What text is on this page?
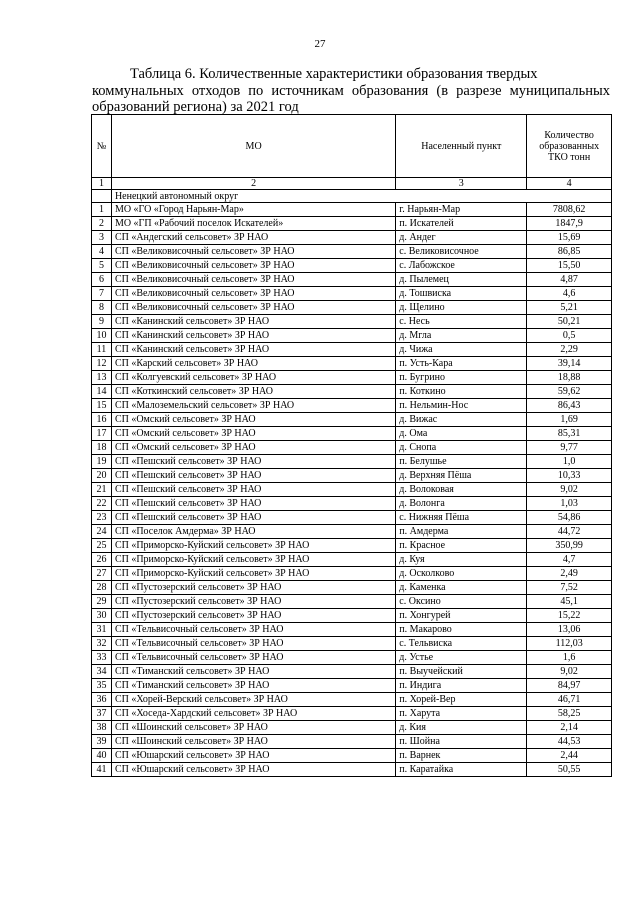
27
Таблица 6. Количественные характеристики образования твердых
коммунальных отходов по источникам образования (в разрезе муниципальных образований региона) за 2021 год
№	МО	Населенный пункт	Количество образованных ТКО тонн
1	2	3	4
	Ненецкий автономный округ		
1	МО «ГО «Город Нарьян-Мар»	г. Нарьян-Мар	7808,62
2	МО «ГП «Рабочий поселок Искателей»	п. Искателей	1847,9
3	СП «Андегский сельсовет» ЗР НАО	д. Андег	15,69
4	СП «Великовисочный сельсовет» ЗР НАО	с. Великовисочное	86,85
5	СП «Великовисочный сельсовет» ЗР НАО	с. Лабожское	15,50
6	СП «Великовисочный сельсовет» ЗР НАО	д. Пылемец	4,87
7	СП «Великовисочный сельсовет» ЗР НАО	д. Тошвиска	4,6
8	СП «Великовисочный сельсовет» ЗР НАО	д. Щелино	5,21
9	СП «Канинский сельсовет» ЗР НАО	с. Несь	50,21
10	СП «Канинский сельсовет» ЗР НАО	д. Мгла	0,5
11	СП «Канинский сельсовет» ЗР НАО	д. Чижа	2,29
12	СП «Карский сельсовет» ЗР НАО	п. Усть-Кара	39,14
13	СП «Колгуевский сельсовет» ЗР НАО	п. Бугрино	18,88
14	СП «Коткинский сельсовет» ЗР НАО	п. Коткино	59,62
15	СП «Малоземельский сельсовет» ЗР НАО	п. Нельмин-Нос	86,43
16	СП «Омский сельсовет» ЗР НАО	д. Вижас	1,69
17	СП «Омский сельсовет» ЗР НАО	д. Ома	85,31
18	СП «Омский сельсовет» ЗР НАО	д. Снопа	9,77
19	СП «Пешский сельсовет» ЗР НАО	п. Белушье	1,0
20	СП «Пешский сельсовет» ЗР НАО	д. Верхняя Пёша	10,33
21	СП «Пешский сельсовет» ЗР НАО	д. Волоковая	9,02
22	СП «Пешский сельсовет» ЗР НАО	д. Волонга	1,03
23	СП «Пешский сельсовет» ЗР НАО	с. Нижняя Пёша	54,86
24	СП «Поселок Амдерма» ЗР НАО	п. Амдерма	44,72
25	СП «Приморско-Куйский сельсовет» ЗР НАО	п. Красное	350,99
26	СП «Приморско-Куйский сельсовет» ЗР НАО	д. Куя	4,7
27	СП «Приморско-Куйский сельсовет» ЗР НАО	д. Осколково	2,49
28	СП «Пустозерский сельсовет» ЗР НАО	д. Каменка	7,52
29	СП «Пустозерский сельсовет» ЗР НАО	с. Оксино	45,1
30	СП «Пустозерский сельсовет» ЗР НАО	п. Хонгурей	15,22
31	СП «Тельвисочный сельсовет» ЗР НАО	п. Макарово	13,06
32	СП «Тельвисочный сельсовет» ЗР НАО	с. Тельвиска	112,03
33	СП «Тельвисочный сельсовет» ЗР НАО	д. Устье	1,6
34	СП «Тиманский сельсовет» ЗР НАО	п. Выучейский	9,02
35	СП «Тиманский сельсовет» ЗР НАО	п. Индига	84,97
36	СП «Хорей-Верский сельсовет» ЗР НАО	п. Хорей-Вер	46,71
37	СП «Хоседа-Хардский сельсовет» ЗР НАО	п. Харута	58,25
38	СП «Шоинский сельсовет» ЗР НАО	д. Кия	2,14
39	СП «Шоинский сельсовет» ЗР НАО	п. Шойна	44,53
40	СП «Юшарский сельсовет» ЗР НАО	п. Варнек	2,44
41	СП «Юшарский сельсовет» ЗР НАО	п. Каратайка	50,55
